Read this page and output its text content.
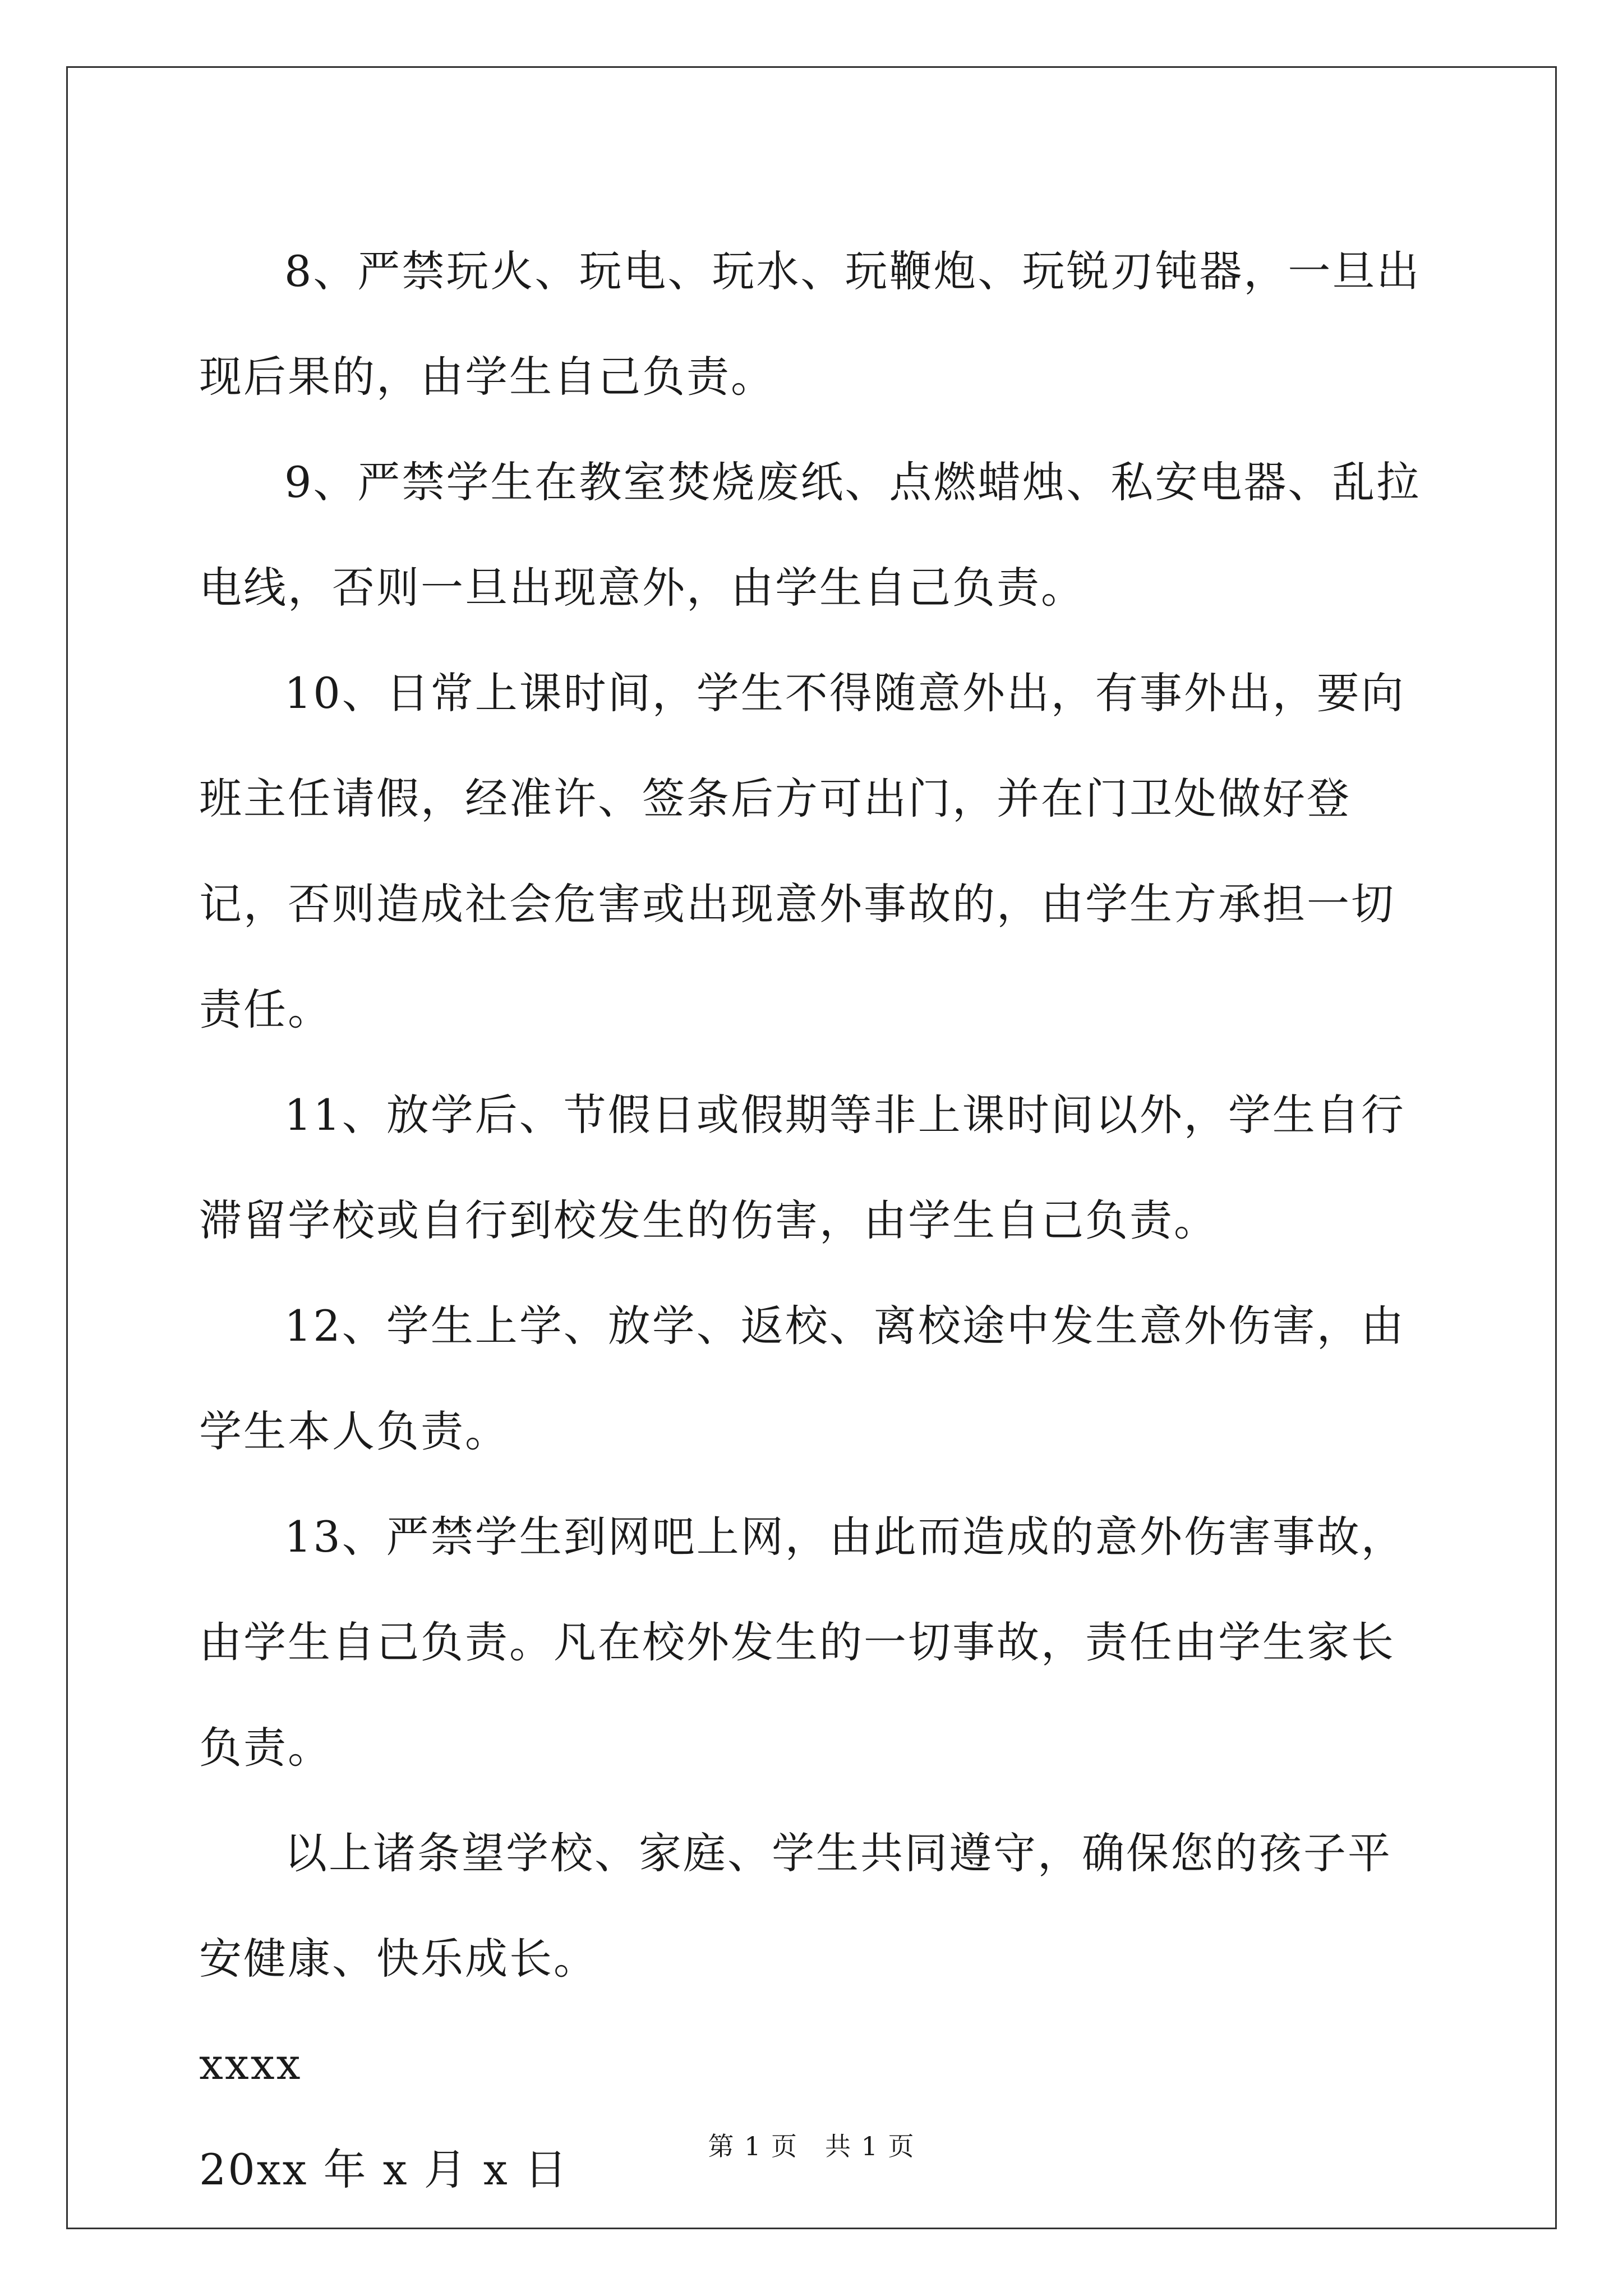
8、严禁玩火、玩电、玩水、玩鞭炮、玩锐刃钝器，一旦出现后果的，由学生自己负责。

9、严禁学生在教室焚烧废纸、点燃蜡烛、私安电器、乱拉电线，否则一旦出现意外，由学生自己负责。

10、日常上课时间，学生不得随意外出，有事外出，要向班主任请假，经准许、签条后方可出门，并在门卫处做好登记，否则造成社会危害或出现意外事故的，由学生方承担一切责任。

11、放学后、节假日或假期等非上课时间以外，学生自行滞留学校或自行到校发生的伤害，由学生自己负责。

12、学生上学、放学、返校、离校途中发生意外伤害，由学生本人负责。

13、严禁学生到网吧上网，由此而造成的意外伤害事故，由学生自己负责。凡在校外发生的一切事故，责任由学生家长负责。

以上诸条望学校、家庭、学生共同遵守，确保您的孩子平安健康、快乐成长。

xxxx

20xx 年 x 月 x 日	第 1 页　共 1 页
